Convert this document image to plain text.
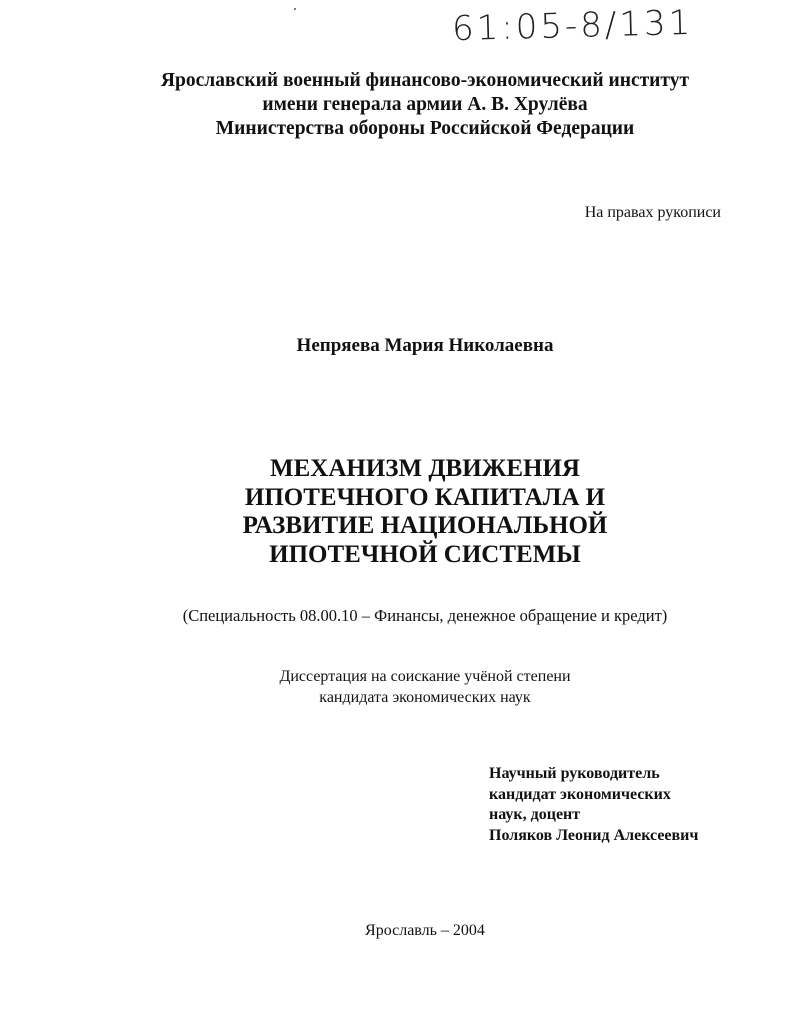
61:05-8/131
Ярославский военный финансово-экономический институт
имени генерала армии А. В. Хрулёва
Министерства обороны Российской Федерации
На правах рукописи
Непряева Мария Николаевна
МЕХАНИЗМ ДВИЖЕНИЯ
ИПОТЕЧНОГО КАПИТАЛА И
РАЗВИТИЕ НАЦИОНАЛЬНОЙ
ИПОТЕЧНОЙ СИСТЕМЫ
(Специальность 08.00.10 – Финансы, денежное обращение и кредит)
Диссертация на соискание учёной степени
кандидата экономических наук
Научный руководитель
кандидат экономических
наук, доцент
Поляков Леонид Алексеевич
Ярославль – 2004
